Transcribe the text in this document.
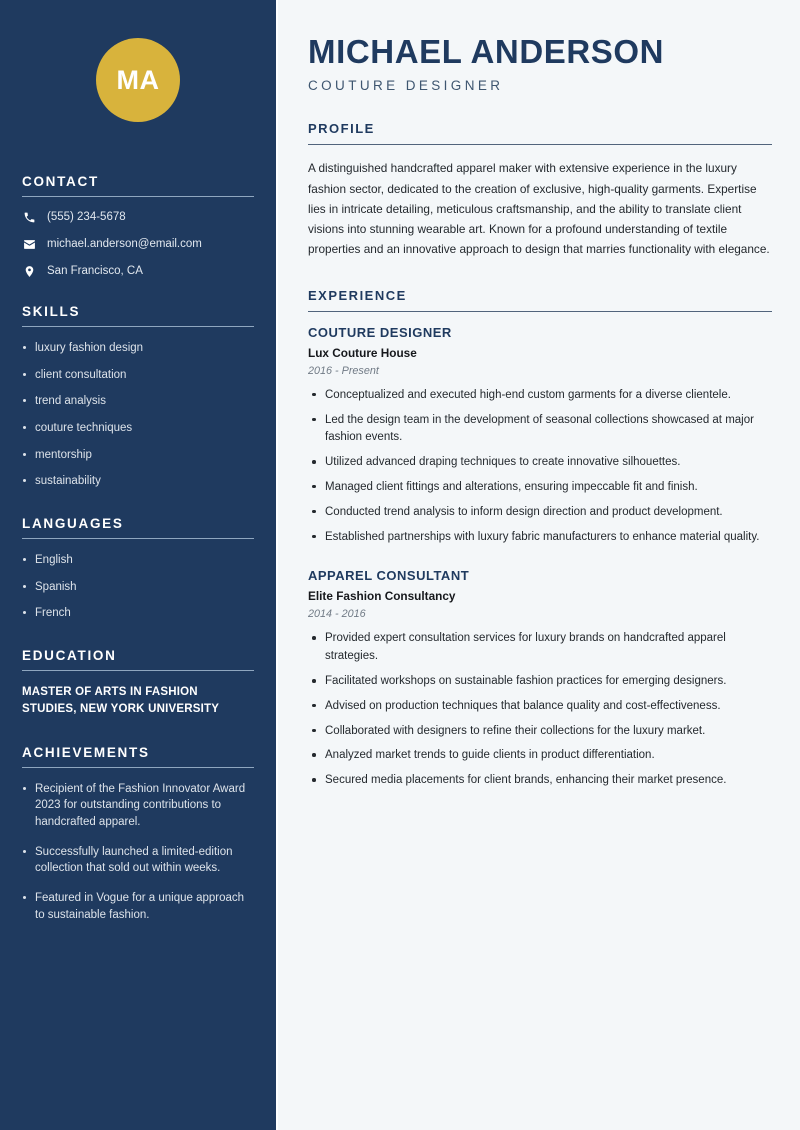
MA
CONTACT
(555) 234-5678
michael.anderson@email.com
San Francisco, CA
SKILLS
luxury fashion design
client consultation
trend analysis
couture techniques
mentorship
sustainability
LANGUAGES
English
Spanish
French
EDUCATION
MASTER OF ARTS IN FASHION STUDIES, NEW YORK UNIVERSITY
ACHIEVEMENTS
Recipient of the Fashion Innovator Award 2023 for outstanding contributions to handcrafted apparel.
Successfully launched a limited-edition collection that sold out within weeks.
Featured in Vogue for a unique approach to sustainable fashion.
MICHAEL ANDERSON
COUTURE DESIGNER
PROFILE

A distinguished handcrafted apparel maker with extensive experience in the luxury fashion sector, dedicated to the creation of exclusive, high-quality garments. Expertise lies in intricate detailing, meticulous craftsmanship, and the ability to translate client visions into stunning wearable art. Known for a profound understanding of textile properties and an innovative approach to design that marries functionality with elegance.

EXPERIENCE
COUTURE DESIGNER
Lux Couture House
2016 - Present
Conceptualized and executed high-end custom garments for a diverse clientele.
Led the design team in the development of seasonal collections showcased at major fashion events.
Utilized advanced draping techniques to create innovative silhouettes.
Managed client fittings and alterations, ensuring impeccable fit and finish.
Conducted trend analysis to inform design direction and product development.
Established partnerships with luxury fabric manufacturers to enhance material quality.
APPAREL CONSULTANT
Elite Fashion Consultancy
2014 - 2016
Provided expert consultation services for luxury brands on handcrafted apparel strategies.
Facilitated workshops on sustainable fashion practices for emerging designers.
Advised on production techniques that balance quality and cost-effectiveness.
Collaborated with designers to refine their collections for the luxury market.
Analyzed market trends to guide clients in product differentiation.
Secured media placements for client brands, enhancing their market presence.
